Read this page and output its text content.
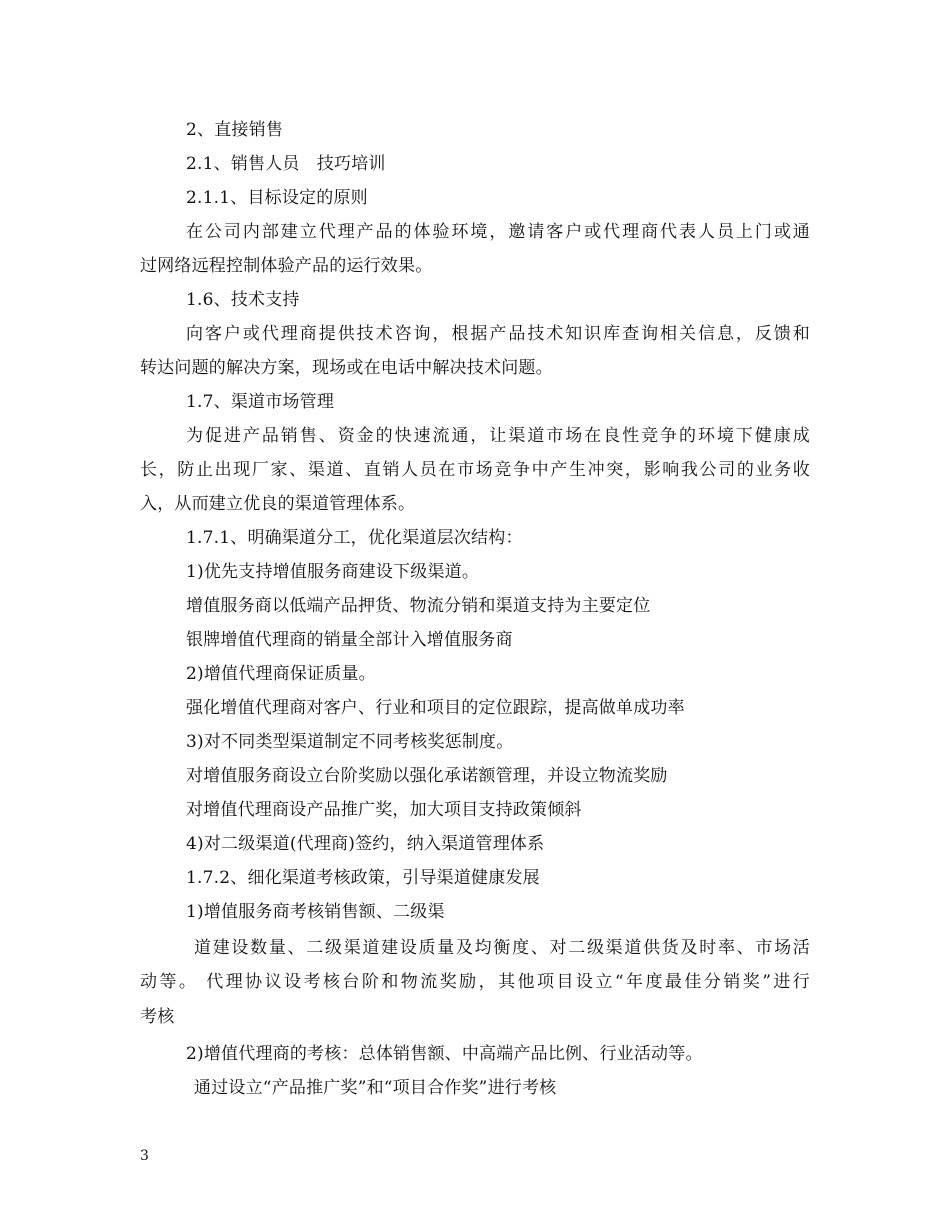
2、直接销售
2.1、销售人员　技巧培训
2.1.1、目标设定的原则
在公司内部建立代理产品的体验环境，邀请客户或代理商代表人员上门或通
过网络远程控制体验产品的运行效果。
1.6、技术支持
向客户或代理商提供技术咨询，根据产品技术知识库查询相关信息，反馈和
转达问题的解决方案，现场或在电话中解决技术问题。
1.7、渠道市场管理
为促进产品销售、资金的快速流通，让渠道市场在良性竞争的环境下健康成
长，防止出现厂家、渠道、直销人员在市场竞争中产生冲突，影响我公司的业务收
入，从而建立优良的渠道管理体系。
1.7.1、明确渠道分工，优化渠道层次结构：
1)优先支持增值服务商建设下级渠道。
增值服务商以低端产品押货、物流分销和渠道支持为主要定位
银牌增值代理商的销量全部计入增值服务商
2)增值代理商保证质量。
强化增值代理商对客户、行业和项目的定位跟踪，提高做单成功率
3)对不同类型渠道制定不同考核奖惩制度。
对增值服务商设立台阶奖励以强化承诺额管理，并设立物流奖励
对增值代理商设产品推广奖，加大项目支持政策倾斜
4)对二级渠道(代理商)签约，纳入渠道管理体系
1.7.2、细化渠道考核政策，引导渠道健康发展
1)增值服务商考核销售额、二级渠
道建设数量、二级渠道建设质量及均衡度、对二级渠道供货及时率、市场活
动等。 代理协议设考核台阶和物流奖励，其他项目设立“年度最佳分销奖”进行
考核
2)增值代理商的考核：总体销售额、中高端产品比例、行业活动等。
通过设立“产品推广奖”和“项目合作奖”进行考核
3
